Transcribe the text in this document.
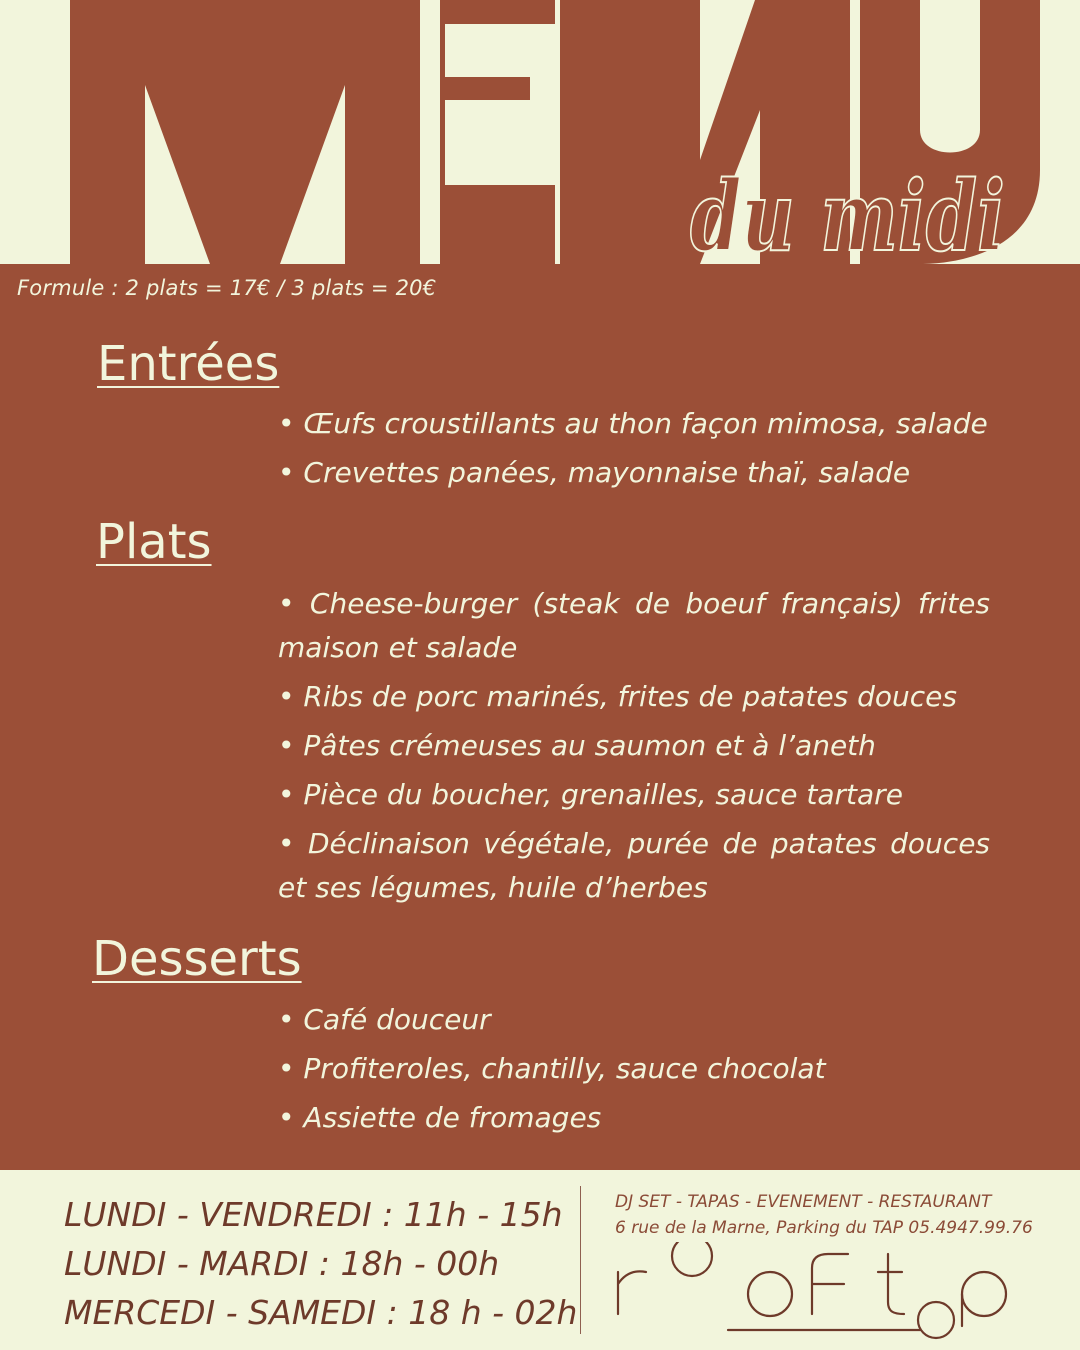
du midi
Formule : 2 plats = 17€ / 3 plats = 20€
Entrées
• Œufs croustillants au thon façon mimosa, salade
• Crevettes panées, mayonnaise thaï, salade
Plats
• Cheese-burger (steak de boeuf français) frites maison et salade
• Ribs de porc marinés, frites de patates douces
• Pâtes crémeuses au saumon et à l’aneth
• Pièce du boucher, grenailles, sauce tartare
• Déclinaison végétale, purée de patates douces et ses légumes, huile d’herbes
Desserts
• Café douceur
• Profiteroles, chantilly, sauce chocolat
• Assiette de fromages
LUNDI - VENDREDI : 11h - 15h
LUNDI - MARDI : 18h - 00h
MERCEDI - SAMEDI : 18 h - 02h
DJ SET - TAPAS - EVENEMENT - RESTAURANT
6 rue de la Marne, Parking du TAP 05.4947.99.76
